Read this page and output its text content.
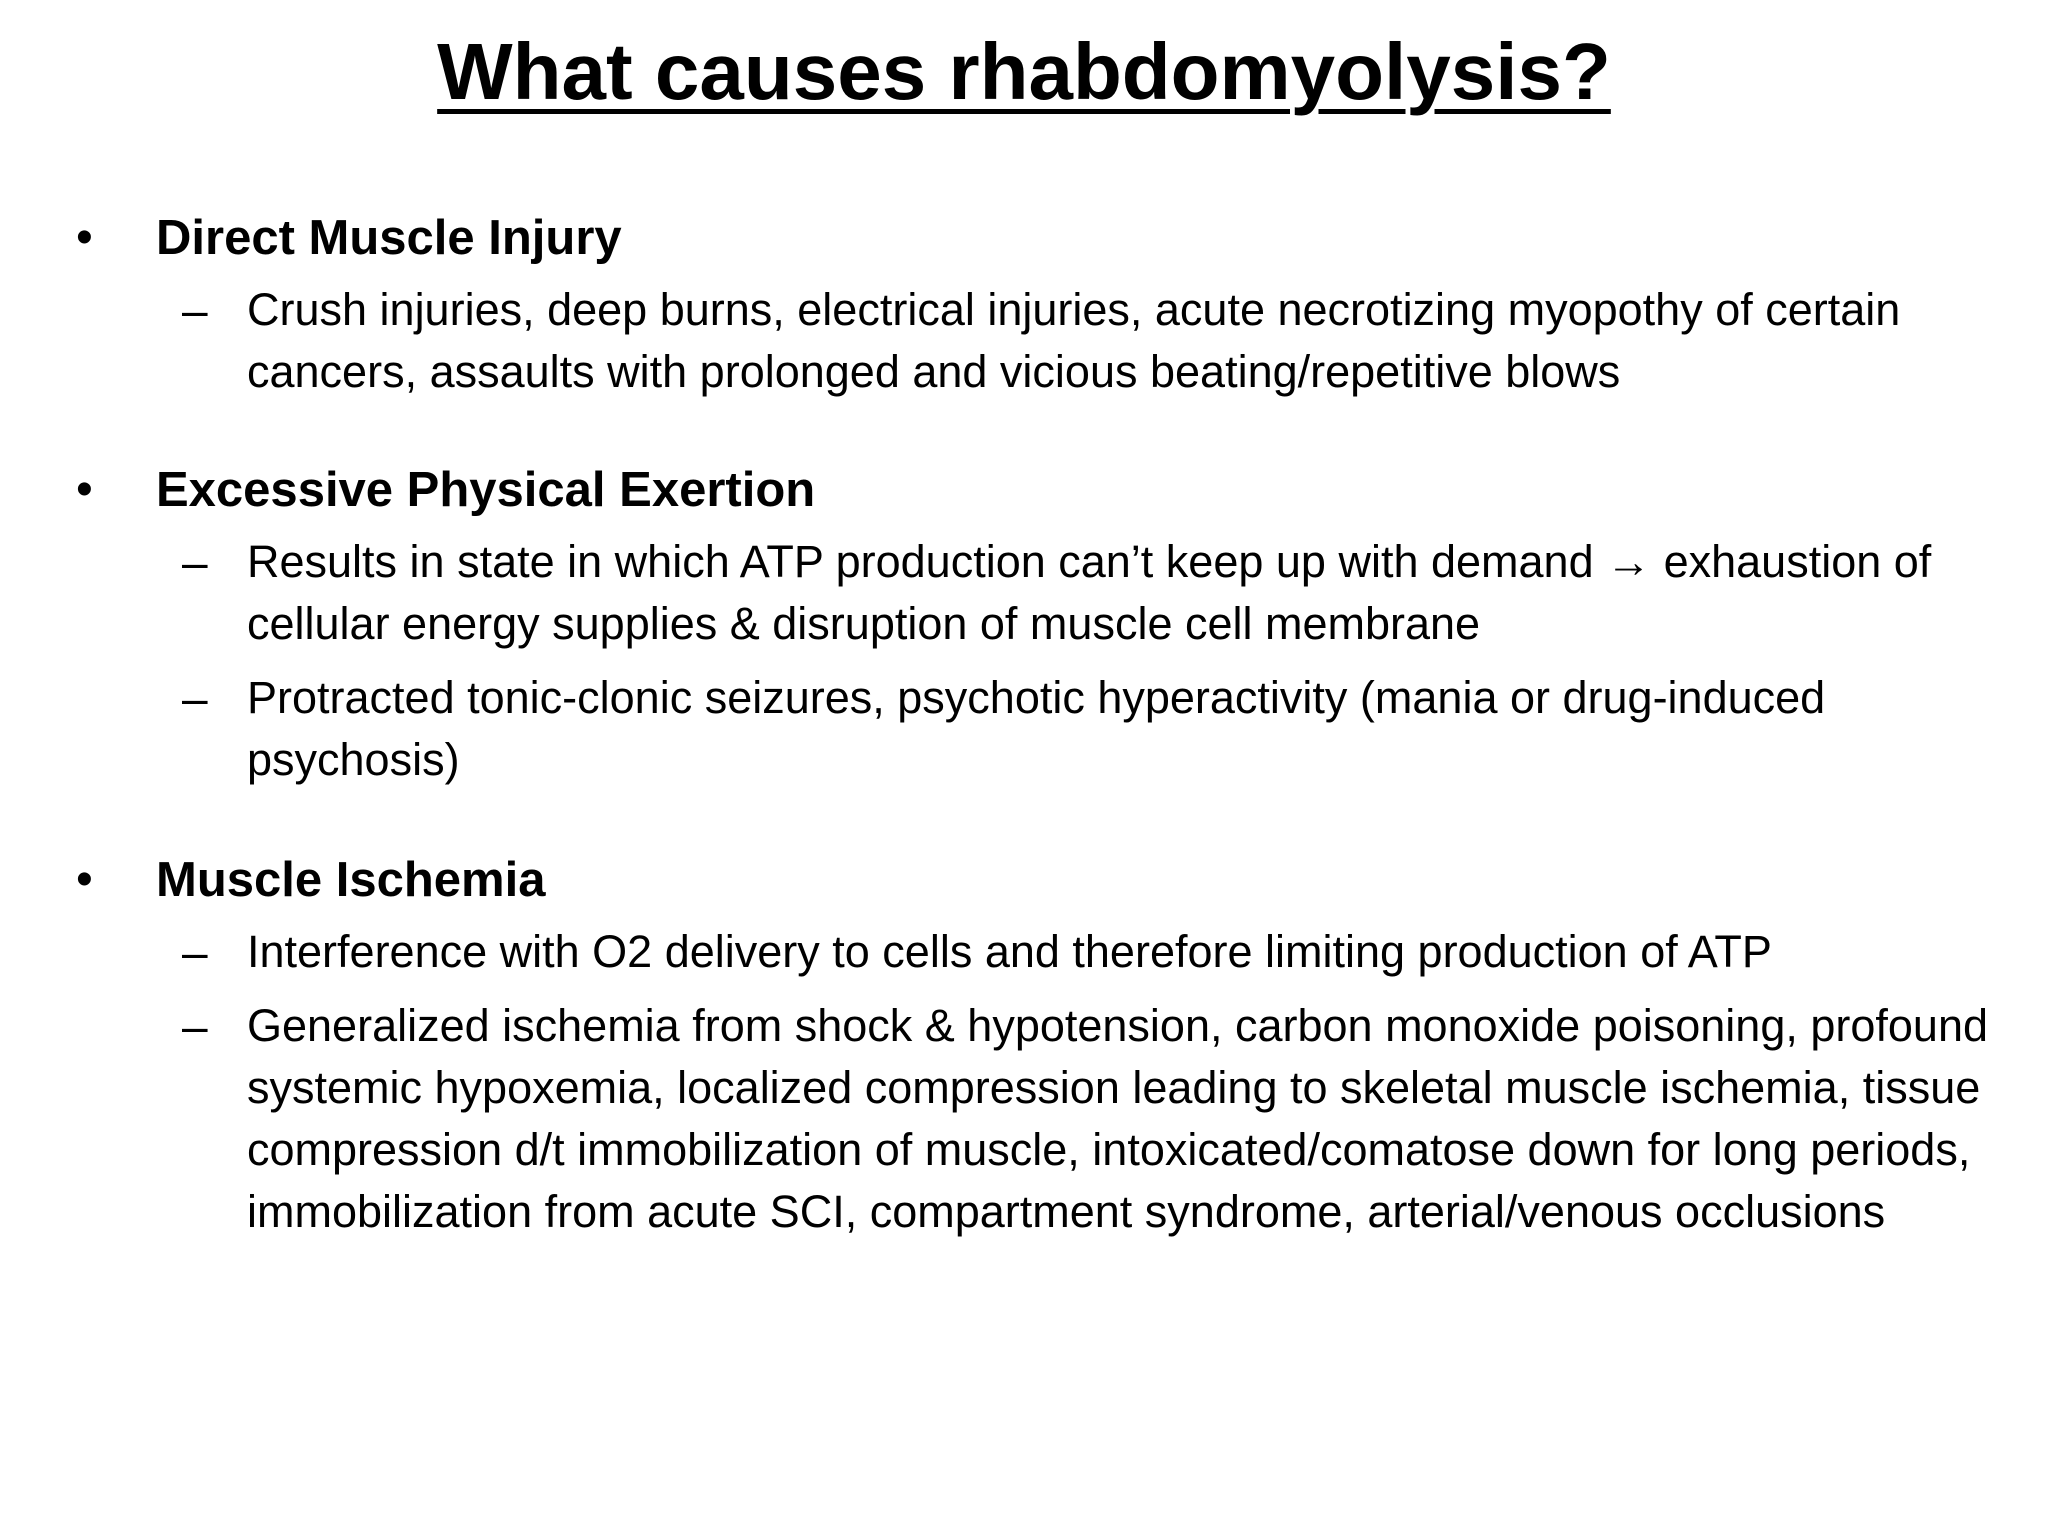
What causes rhabdomyolysis?
• Direct Muscle Injury
– Crush injuries, deep burns, electrical injuries, acute necrotizing myopothy of certain cancers, assaults with prolonged and vicious beating/repetitive blows
• Excessive Physical Exertion
– Results in state in which ATP production can’t keep up with demand → exhaustion of cellular energy supplies & disruption of muscle cell membrane
– Protracted tonic-clonic seizures, psychotic hyperactivity (mania or drug-induced psychosis)
• Muscle Ischemia
– Interference with O2 delivery to cells and therefore limiting production of ATP
– Generalized ischemia from shock & hypotension, carbon monoxide poisoning, profound systemic hypoxemia, localized compression leading to skeletal muscle ischemia, tissue compression d/t immobilization of muscle, intoxicated/comatose down for long periods, immobilization from acute SCI, compartment syndrome, arterial/venous occlusions
